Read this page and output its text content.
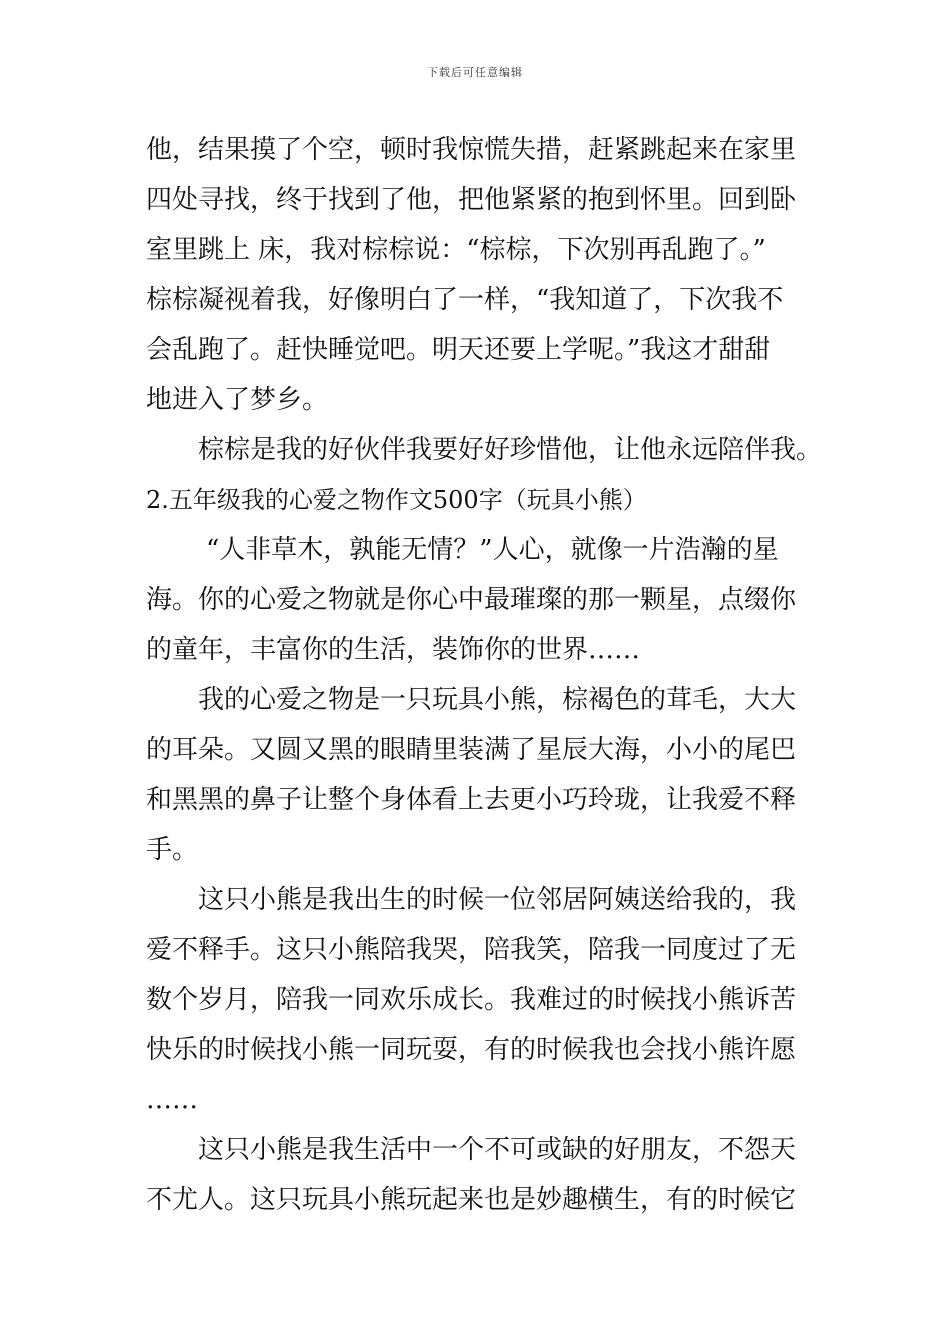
下载后可任意编辑
他，结果摸了个空，顿时我惊慌失措，赶紧跳起来在家里
四处寻找，终于找到了他，把他紧紧的抱到怀里。回到卧
室里跳上 床，我对棕棕说：“棕棕，下次别再乱跑了。”
棕棕凝视着我，好像明白了一样，“我知道了，下次我不
会乱跑了。赶快睡觉吧。明天还要上学呢。”我这才甜甜
地进入了梦乡。
棕棕是我的好伙伴我要好好珍惜他，让他永远陪伴我。
2.五年级我的心爱之物作文500字（玩具小熊）
“人非草木，孰能无情？”人心，就像一片浩瀚的星
海。你的心爱之物就是你心中最璀璨的那一颗星，点缀你
的童年，丰富你的生活，装饰你的世界……
我的心爱之物是一只玩具小熊，棕褐色的茸毛，大大
的耳朵。又圆又黑的眼睛里装满了星辰大海，小小的尾巴
和黑黑的鼻子让整个身体看上去更小巧玲珑，让我爱不释
手。
这只小熊是我出生的时候一位邻居阿姨送给我的，我
爱不释手。这只小熊陪我哭，陪我笑，陪我一同度过了无
数个岁月，陪我一同欢乐成长。我难过的时候找小熊诉苦
快乐的时候找小熊一同玩耍，有的时候我也会找小熊许愿
……
这只小熊是我生活中一个不可或缺的好朋友，不怨天
不尤人。这只玩具小熊玩起来也是妙趣横生，有的时候它
